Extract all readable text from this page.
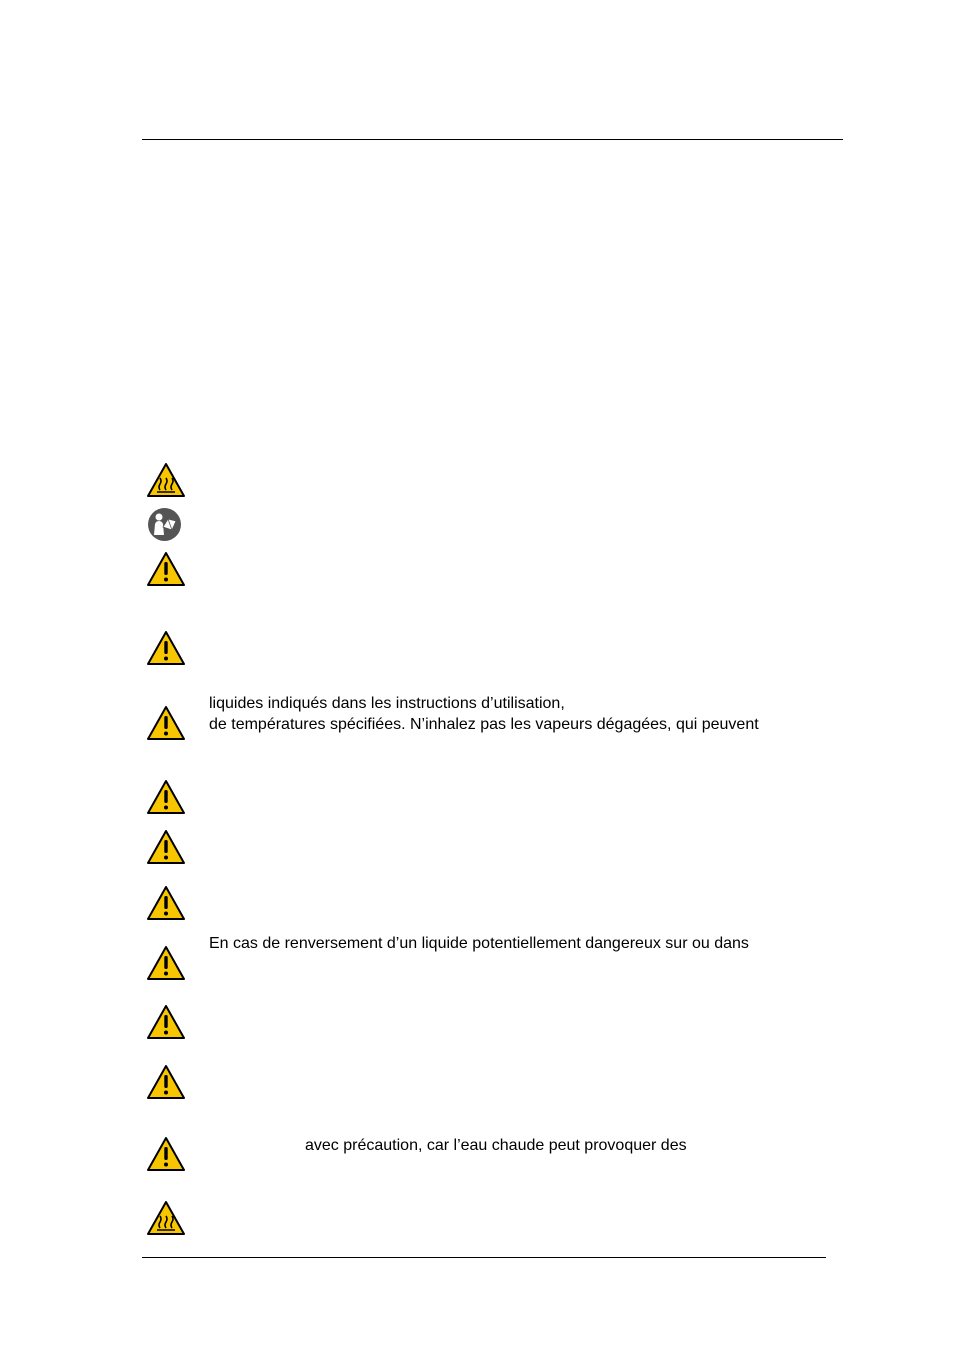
liquides indiqués dans les instructions d’utilisation,
de températures spécifiées. N’inhalez pas les vapeurs dégagées, qui peuvent
En cas de renversement d’un liquide potentiellement dangereux sur ou dans
avec précaution, car l’eau chaude peut provoquer des
